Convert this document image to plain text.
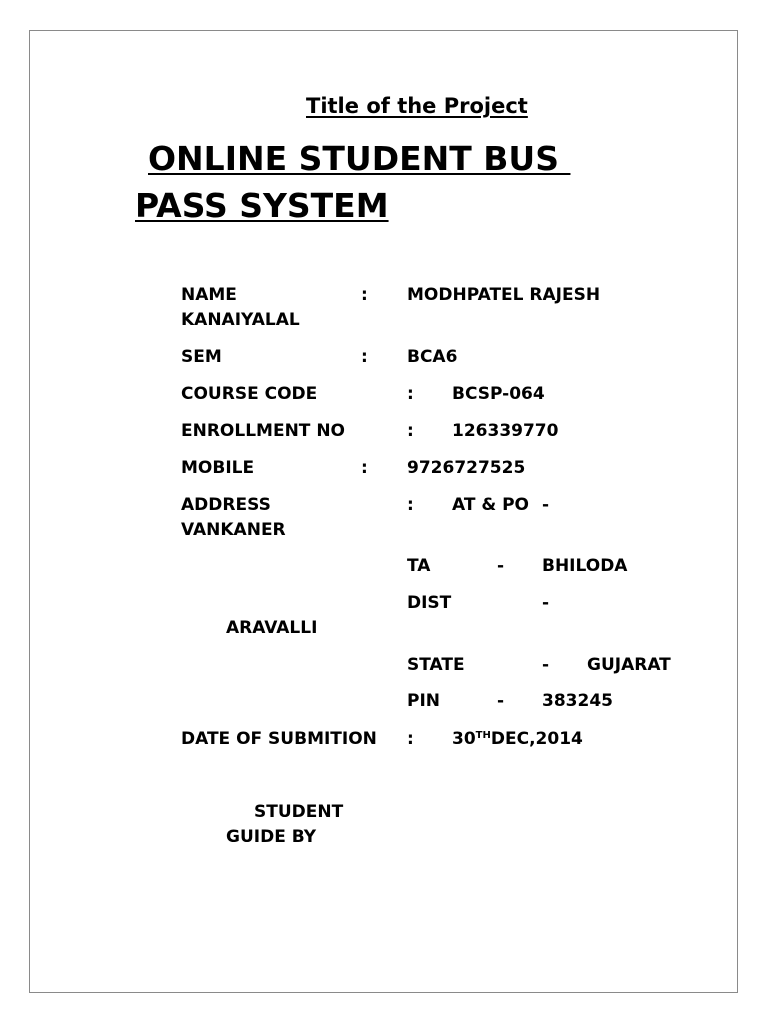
Title of the Project
ONLINE STUDENT BUS
PASS SYSTEM
NAME	: MODHPATEL RAJESH
KANAIYALAL
SEM	: BCA6
COURSE CODE	: BCSP-064
ENROLLMENT NO	: 126339770
MOBILE	: 9726727525
ADDRESS	: AT & PO -
VANKANER
TA	- BHILODA
DIST	-
ARAVALLI
STATE	- GUJARAT
PIN	- 383245
DATE OF SUBMITION : 30THDEC,2014
STUDENT
GUIDE BY
